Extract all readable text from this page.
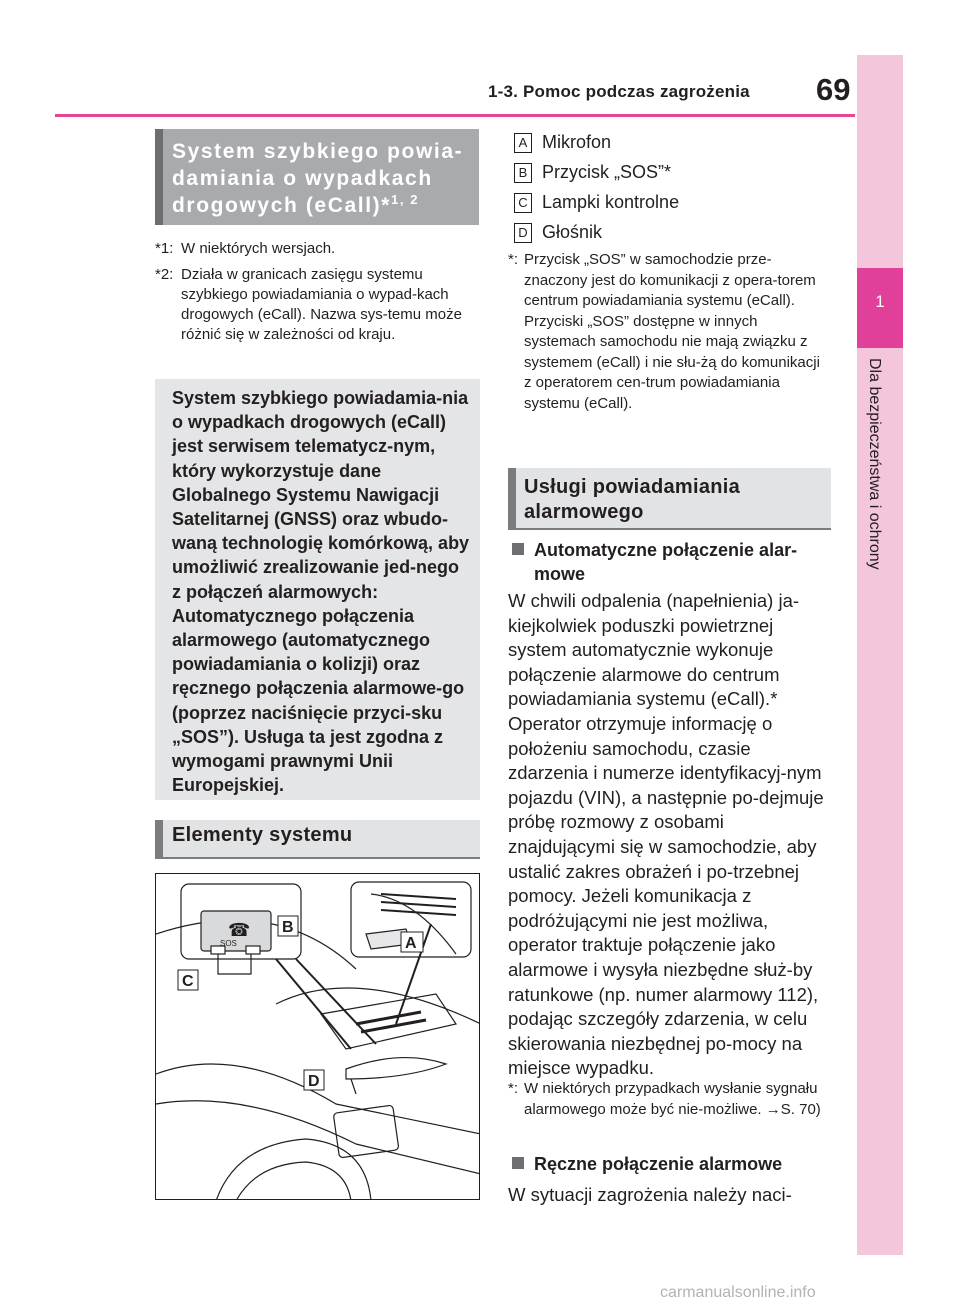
1-3. Pomoc podczas zagrożenia 69
1
Dla bezpieczeństwa i ochrony
System szybkiego powia-
damiania o wypadkach
drogowych (eCall)*$^{1, 2}$
*1: W niektórych wersjach.
*2: Działa w granicach zasięgu systemu szybkiego powiadamiania o wypad-kach drogowych (eCall). Nazwa sys-temu może różnić się w zależności od kraju.
System szybkiego powiadamia-nia o wypadkach drogowych (eCall) jest serwisem telematycz-nym, który wykorzystuje dane Globalnego Systemu Nawigacji Satelitarnej (GNSS) oraz wbudo-waną technologię komórkową, aby umożliwić zrealizowanie jed-nego z połączeń alarmowych: Automatycznego połączenia alarmowego (automatycznego powiadamiania o kolizji) oraz ręcznego połączenia alarmowe-go (poprzez naciśnięcie przyci-sku „SOS”). Usługa ta jest zgodna z wymogami prawnymi Unii Europejskiej.
Elementy systemu
☎
SOS
B
C
A
D
A Mikrofon
B Przycisk „SOS”*
C Lampki kontrolne
D Głośnik
*: Przycisk „SOS” w samochodzie prze-znaczony jest do komunikacji z opera-torem centrum powiadamiania systemu (eCall).
Przyciski „SOS” dostępne w innych systemach samochodu nie mają związku z systemem (eCall) i nie słu-żą do komunikacji z operatorem cen-trum powiadamiania systemu (eCall).
Usługi powiadamiania alarmowego
Automatyczne połączenie alar-mowe
W chwili odpalenia (napełnienia) ja-kiejkolwiek poduszki powietrznej system automatycznie wykonuje połączenie alarmowe do centrum powiadamiania systemu (eCall).* Operator otrzymuje informację o położeniu samochodu, czasie zdarzenia i numerze identyfikacyj-nym pojazdu (VIN), a następnie po-dejmuje próbę rozmowy z osobami znajdującymi się w samochodzie, aby ustalić zakres obrażeń i po-trzebnej pomocy. Jeżeli komunikacja z podróżującymi nie jest możliwa, operator traktuje połączenie jako alarmowe i wysyła niezbędne służ-by ratunkowe (np. numer alarmowy 112), podając szczegóły zdarzenia, w celu skierowania niezbędnej po-mocy na miejsce wypadku.
*: W niektórych przypadkach wysłanie sygnału alarmowego może być nie-możliwe. →S. 70)
Ręczne połączenie alarmowe
W sytuacji zagrożenia należy naci-
carmanualsonline.info
